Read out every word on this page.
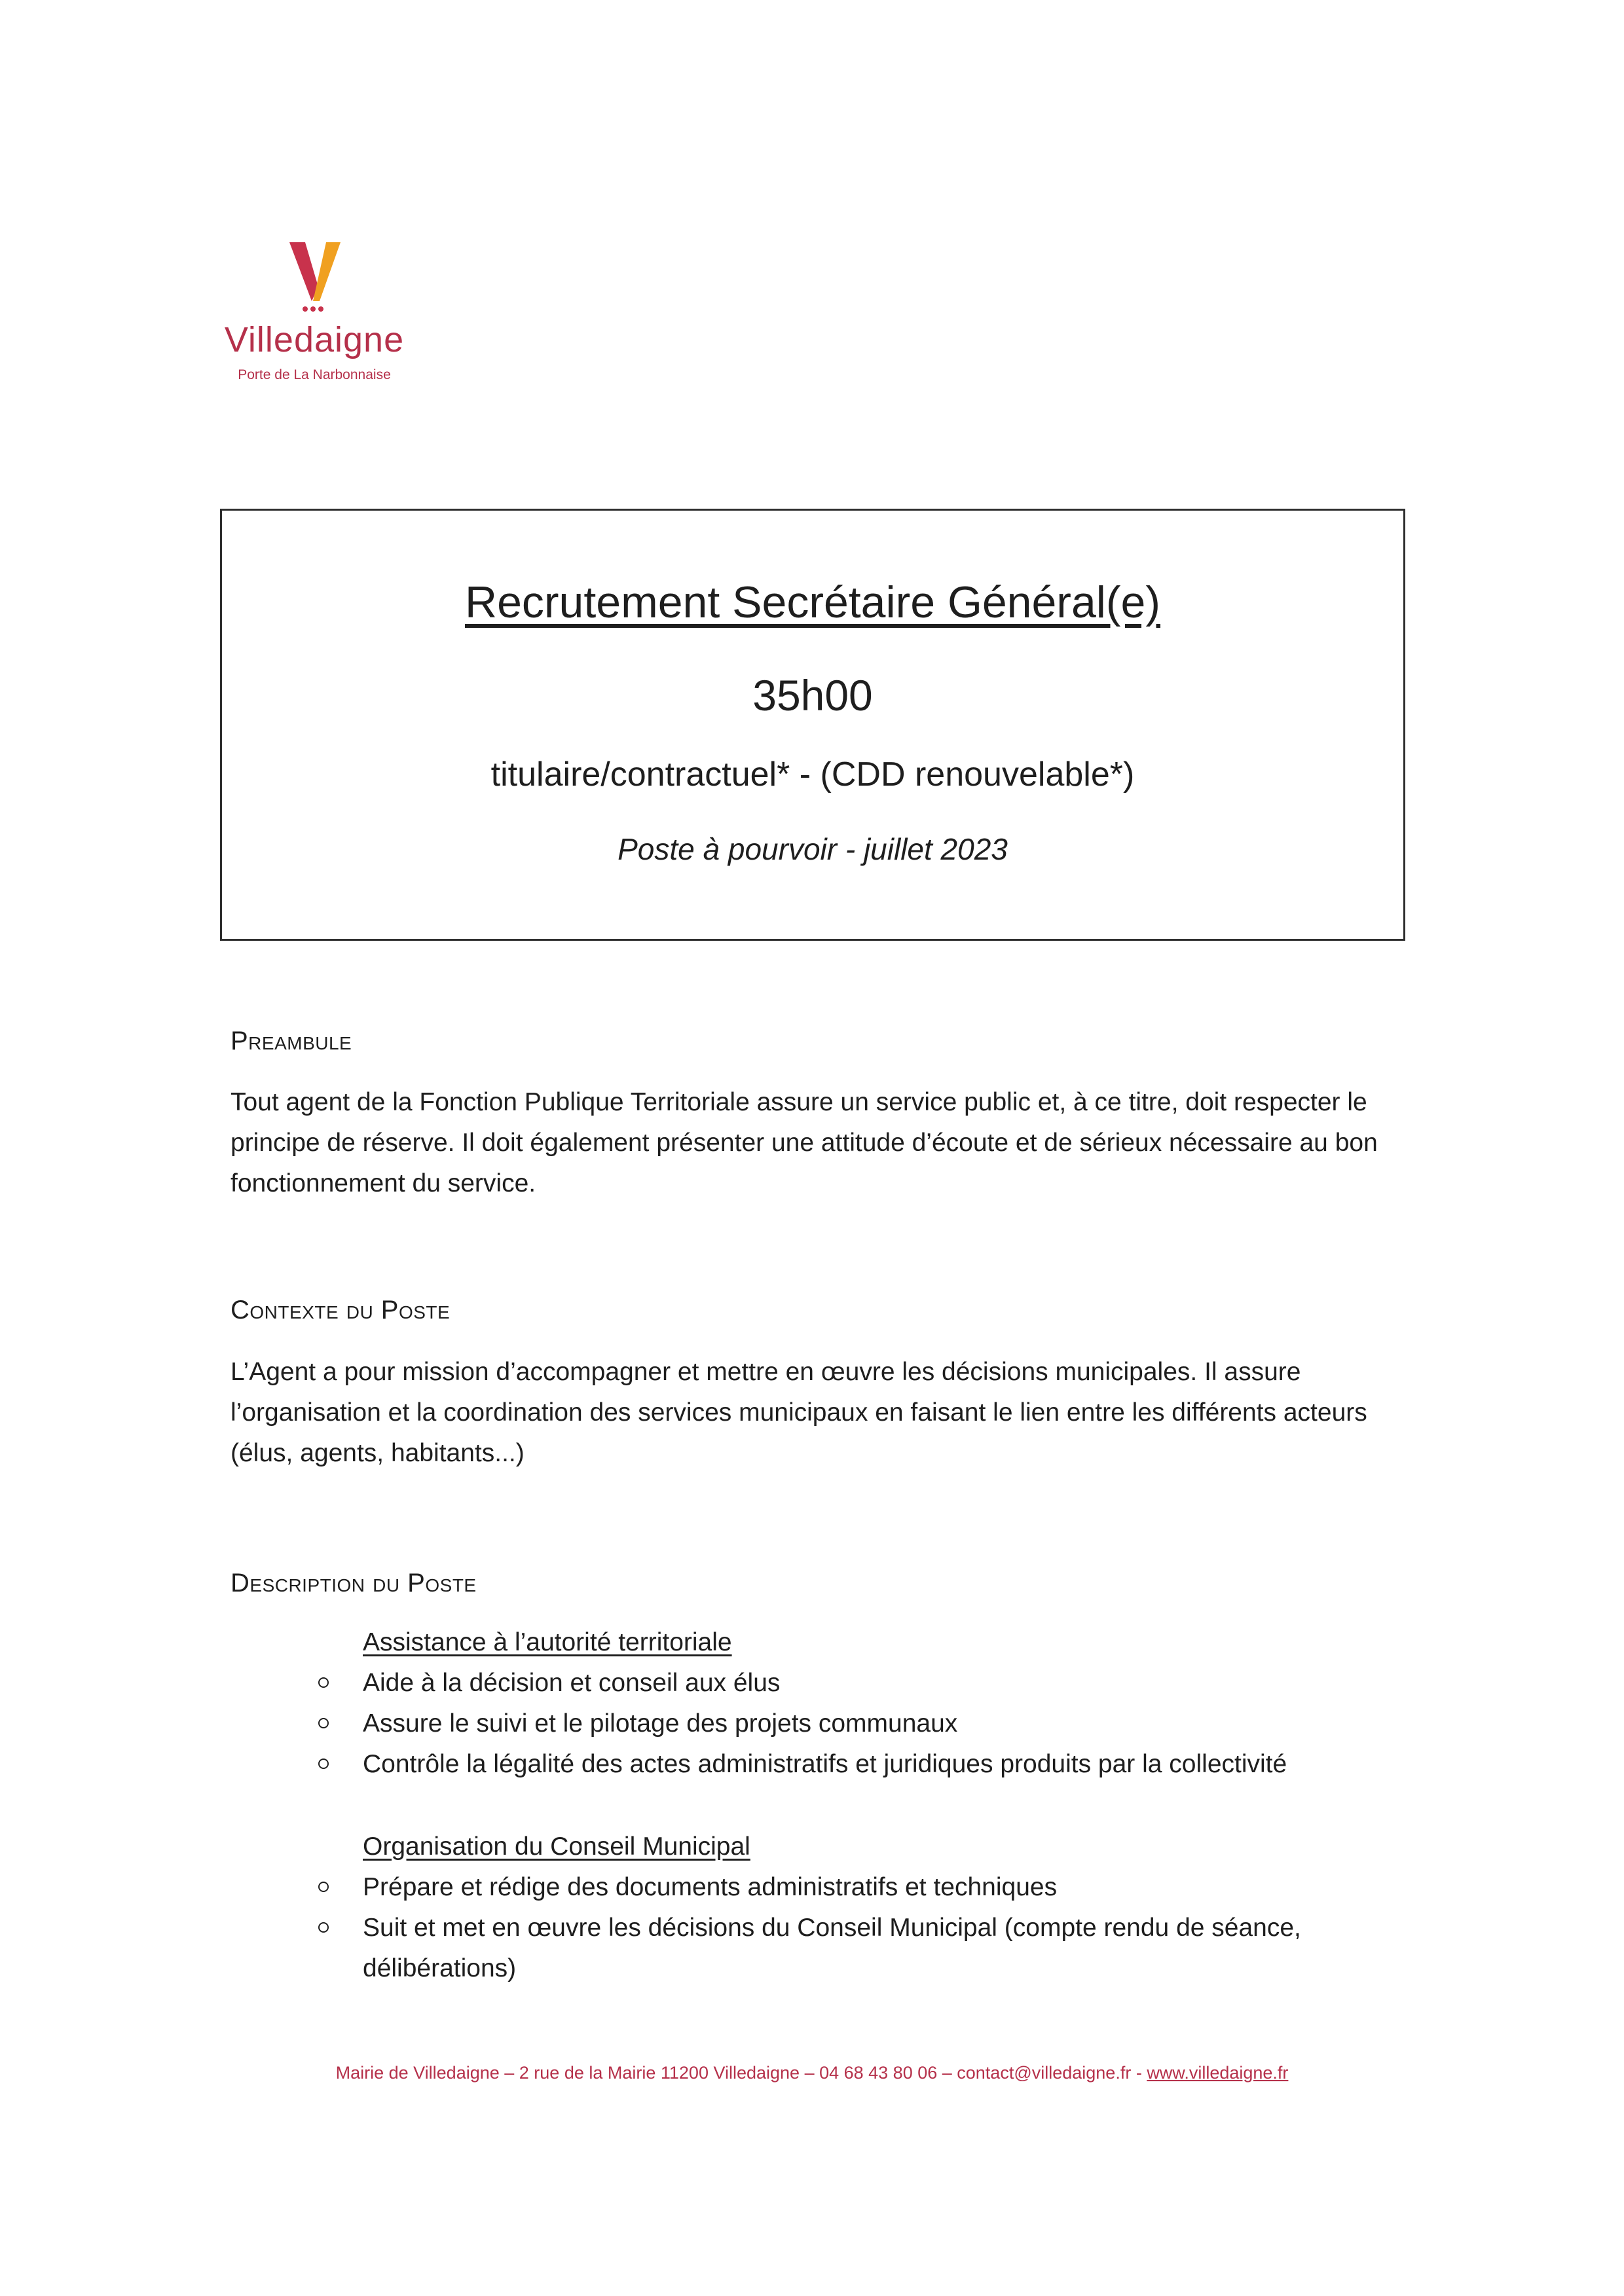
Villedaigne
Porte de La Narbonnaise
Recrutement Secrétaire Général(e)
35h00
titulaire/contractuel* - (CDD renouvelable*)
Poste à pourvoir - juillet 2023
Preambule
Tout agent de la Fonction Publique Territoriale assure un service public et, à ce titre, doit respecter le principe de réserve. Il doit également présenter une attitude d’écoute et de sérieux nécessaire au bon fonctionnement du service.
Contexte du Poste
L’Agent a pour mission d’accompagner et mettre en œuvre les décisions municipales. Il assure l’organisation et la coordination des services municipaux en faisant le lien entre les différents acteurs (élus, agents, habitants...)
Description du Poste
Assistance à l’autorité territoriale
Aide à la décision et conseil aux élus
Assure le suivi et le pilotage des projets communaux
Contrôle la légalité des actes administratifs et juridiques produits par la collectivité
Organisation du Conseil Municipal
Prépare et rédige des documents administratifs et techniques
Suit et met en œuvre les décisions du Conseil Municipal (compte rendu de séance, délibérations)
Mairie de Villedaigne – 2 rue de la Mairie 11200 Villedaigne – 04 68 43 80 06 – contact@villedaigne.fr - www.villedaigne.fr
